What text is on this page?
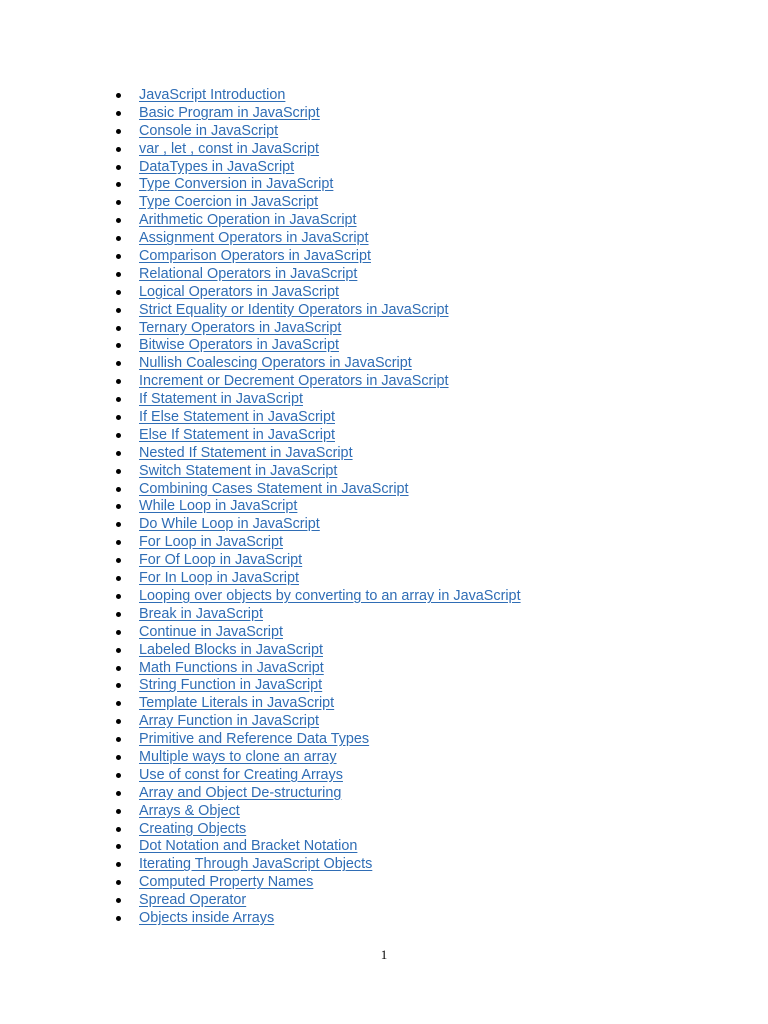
JavaScript Introduction
Basic Program in JavaScript
Console in JavaScript
var , let , const in JavaScript
DataTypes in JavaScript
Type Conversion in JavaScript
Type Coercion in JavaScript
Arithmetic Operation in JavaScript
Assignment Operators in JavaScript
Comparison Operators in JavaScript
Relational Operators in JavaScript
Logical Operators in JavaScript
Strict Equality or Identity Operators in JavaScript
Ternary Operators in JavaScript
Bitwise Operators in JavaScript
Nullish Coalescing Operators in JavaScript
Increment or Decrement Operators in JavaScript
If Statement in JavaScript
If Else Statement in JavaScript
Else If Statement in JavaScript
Nested If Statement in JavaScript
Switch Statement in JavaScript
Combining Cases Statement in JavaScript
While Loop in JavaScript
Do While Loop in JavaScript
For Loop in JavaScript
For Of Loop in JavaScript
For In Loop in JavaScript
Looping over objects by converting to an array in JavaScript
Break in JavaScript
Continue in JavaScript
Labeled Blocks in JavaScript
Math Functions in JavaScript
String Function in JavaScript
Template Literals in JavaScript
Array Function in JavaScript
Primitive and Reference Data Types
Multiple ways to clone an array
Use of const for Creating Arrays
Array and Object De-structuring
Arrays & Object
Creating Objects
Dot Notation and Bracket Notation
Iterating Through JavaScript Objects
Computed Property Names
Spread Operator
Objects inside Arrays
1
